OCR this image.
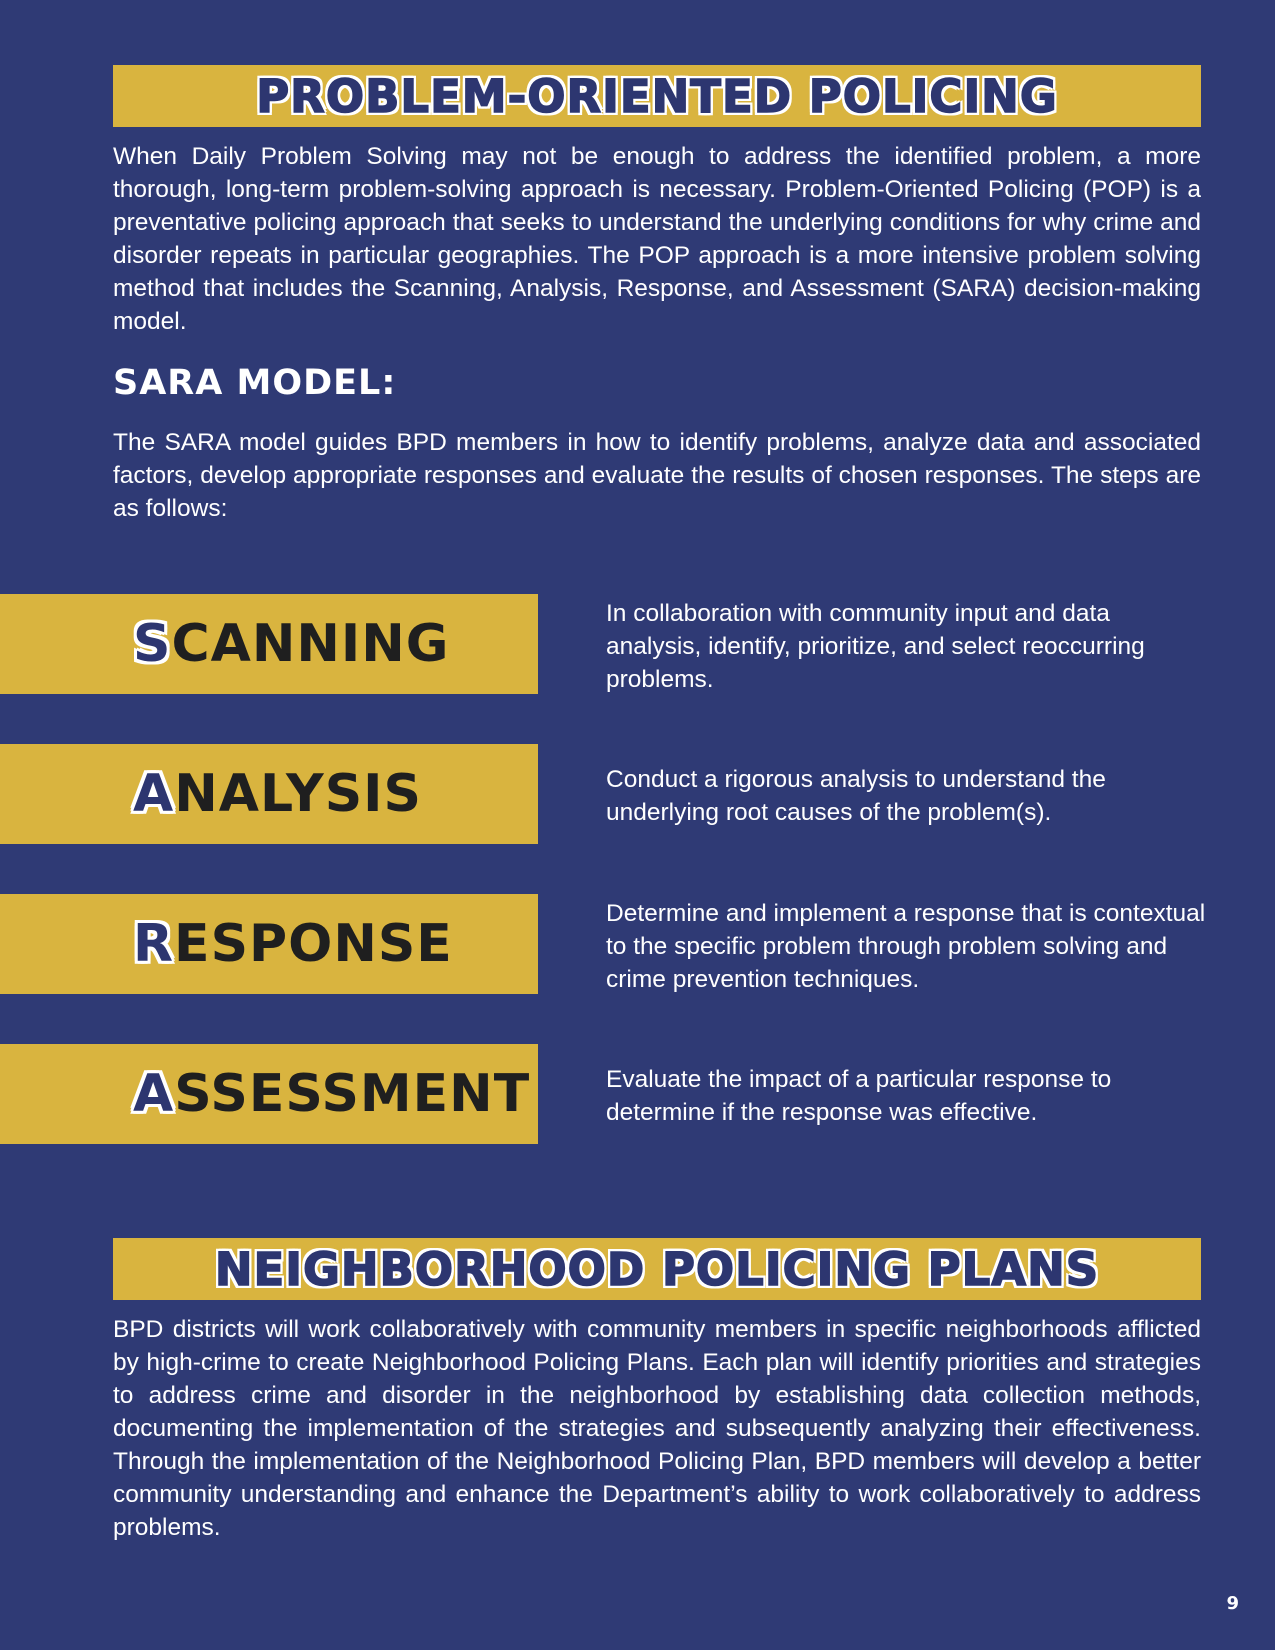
PROBLEM-ORIENTED POLICING

When Daily Problem Solving may not be enough to address the identified problem, a more thorough, long-term problem-solving approach is necessary. Problem-Oriented Policing (POP) is a preventative policing approach that seeks to understand the underlying conditions for why crime and disorder repeats in particular geographies. The POP approach is a more intensive problem solving method that includes the Scanning, Analysis, Response, and Assessment (SARA) decision-making model.

SARA MODEL:

The SARA model guides BPD members in how to identify problems, analyze data and associated factors, develop appropriate responses and evaluate the results of chosen responses. The steps are as follows:

SCANNING

In collaboration with community input and data analysis, identify, prioritize, and select reoccurring problems.

ANALYSIS	Conduct a rigorous analysis to understand the underlying root causes of the problem(s).

RESPONSE

Determine and implement a response that is contextual to the specific problem through problem solving and crime prevention techniques.

ASSESSMENT	Evaluate the impact of a particular response to determine if the response was effective.

NEIGHBORHOOD POLICING PLANS

BPD districts will work collaboratively with community members in specific neighborhoods afflicted by high-crime to create Neighborhood Policing Plans. Each plan will identify priorities and strategies to address crime and disorder in the neighborhood by establishing data collection methods, documenting the implementation of the strategies and subsequently analyzing their effectiveness. Through the implementation of the Neighborhood Policing Plan, BPD members will develop a better community understanding and enhance the Department’s ability to work collaboratively to address problems.

9
